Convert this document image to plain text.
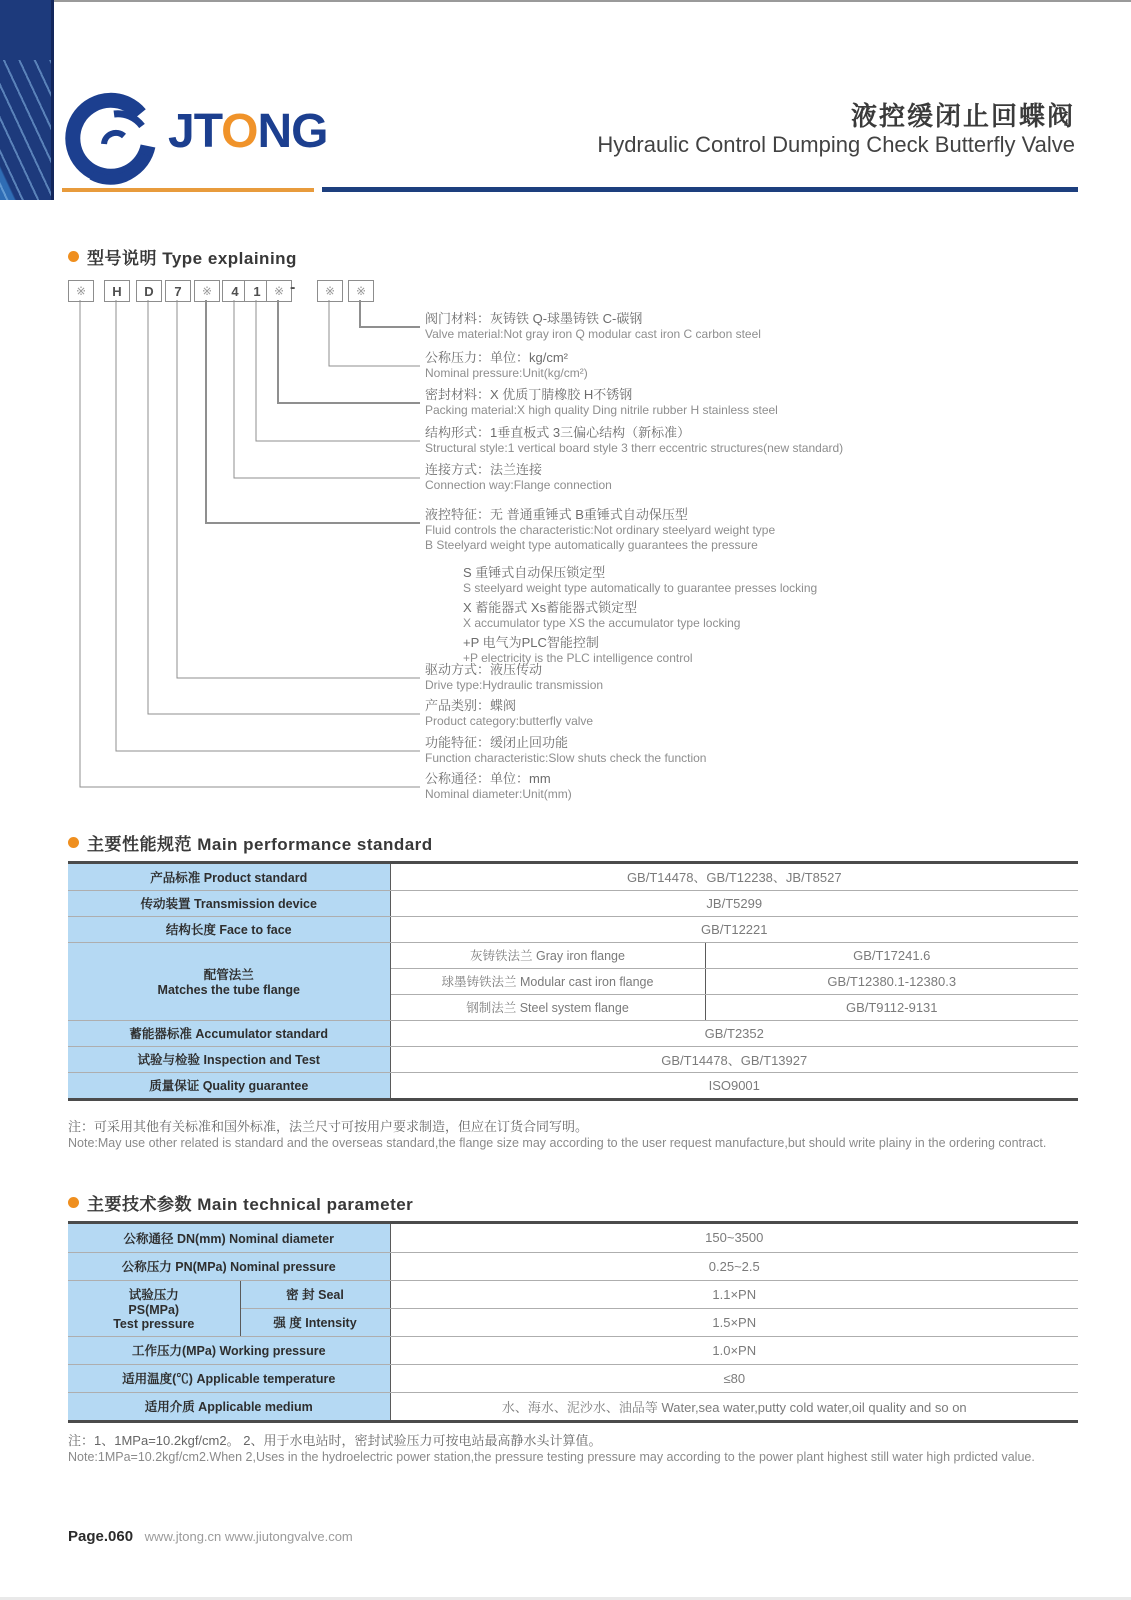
JTONG	液控缓闭止回蝶阀
Hydraulic Control Dumping Check Butterfly Valve
型号说明 Type explaining
※	H	D	7	※	4	1	※	※	※
-
阀门材料：灰铸铁 Q-球墨铸铁 C-碳钢
Valve material:Not gray iron Q modular cast iron C carbon steel
公称压力：单位：kg/cm²
Nominal pressure:Unit(kg/cm²)
密封材料：X 优质丁腈橡胶 H不锈钢
Packing material:X high quality Ding nitrile rubber H stainless steel
结构形式：1垂直板式 3三偏心结构（新标准）
Structural style:1 vertical board style 3 therr eccentric structures(new standard)
连接方式：法兰连接
Connection way:Flange connection
液控特征：无 普通重锤式 B重锤式自动保压型
Fluid controls the characteristic:Not ordinary steelyard weight type
B Steelyard weight type automatically guarantees the pressure
S 重锤式自动保压锁定型
S steelyard weight type automatically to guarantee presses locking
X 蓄能器式 Xs蓄能器式锁定型
X accumulator type XS the accumulator type locking
+P 电气为PLC智能控制
+P electricity is the PLC intelligence control
驱动方式：液压传动
Drive type:Hydraulic transmission
产品类别：蝶阀
Product category:butterfly valve
功能特征：缓闭止回功能
Function characteristic:Slow shuts check the function
公称通径：单位：mm
Nominal diameter:Unit(mm)
主要性能规范 Main performance standard
产品标准 Product standard	GB/T14478、GB/T12238、JB/T8527	

传动装置 Transmission device	JB/T5299	

结构长度 Face to face	GB/T12221	

配管法兰
Matches the tube flange	灰铸铁法兰 Gray iron flange	GB/T17241.6
	球墨铸铁法兰 Modular cast iron flange	GB/T12380.1-12380.3
	钢制法兰 Steel system flange	GB/T9112-9131

蓄能器标准 Accumulator standard	GB/T2352	

试验与检验 Inspection and Test	GB/T14478、GB/T13927	

质量保证 Quality guarantee	ISO9001	
注：可采用其他有关标准和国外标准，法兰尺寸可按用户要求制造，但应在订货合同写明。
Note:May use other related is standard and the overseas standard,the flange size may according to the user request manufacture,but should write plainy in the ordering contract.
主要技术参数 Main technical parameter
公称通径 DN(mm) Nominal diameter		150~3500

公称压力 PN(MPa) Nominal pressure		0.25~2.5

试验压力
PS(MPa)
Test pressure	密 封 Seal	1.1×PN
	强 度 Intensity	1.5×PN

工作压力(MPa) Working pressure		1.0×PN

适用温度(℃) Applicable temperature		≤80

适用介质 Applicable medium		水、海水、泥沙水、油品等 Water,sea water,putty cold water,oil quality and so on
注：1、1MPa=10.2kgf/cm2。 2、用于水电站时，密封试验压力可按电站最高静水头计算值。
Note:1MPa=10.2kgf/cm2.When 2,Uses in the hydroelectric power station,the pressure testing pressure may according to the power plant highest still water high prdicted value.
Page.060 www.jtong.cn www.jiutongvalve.com
